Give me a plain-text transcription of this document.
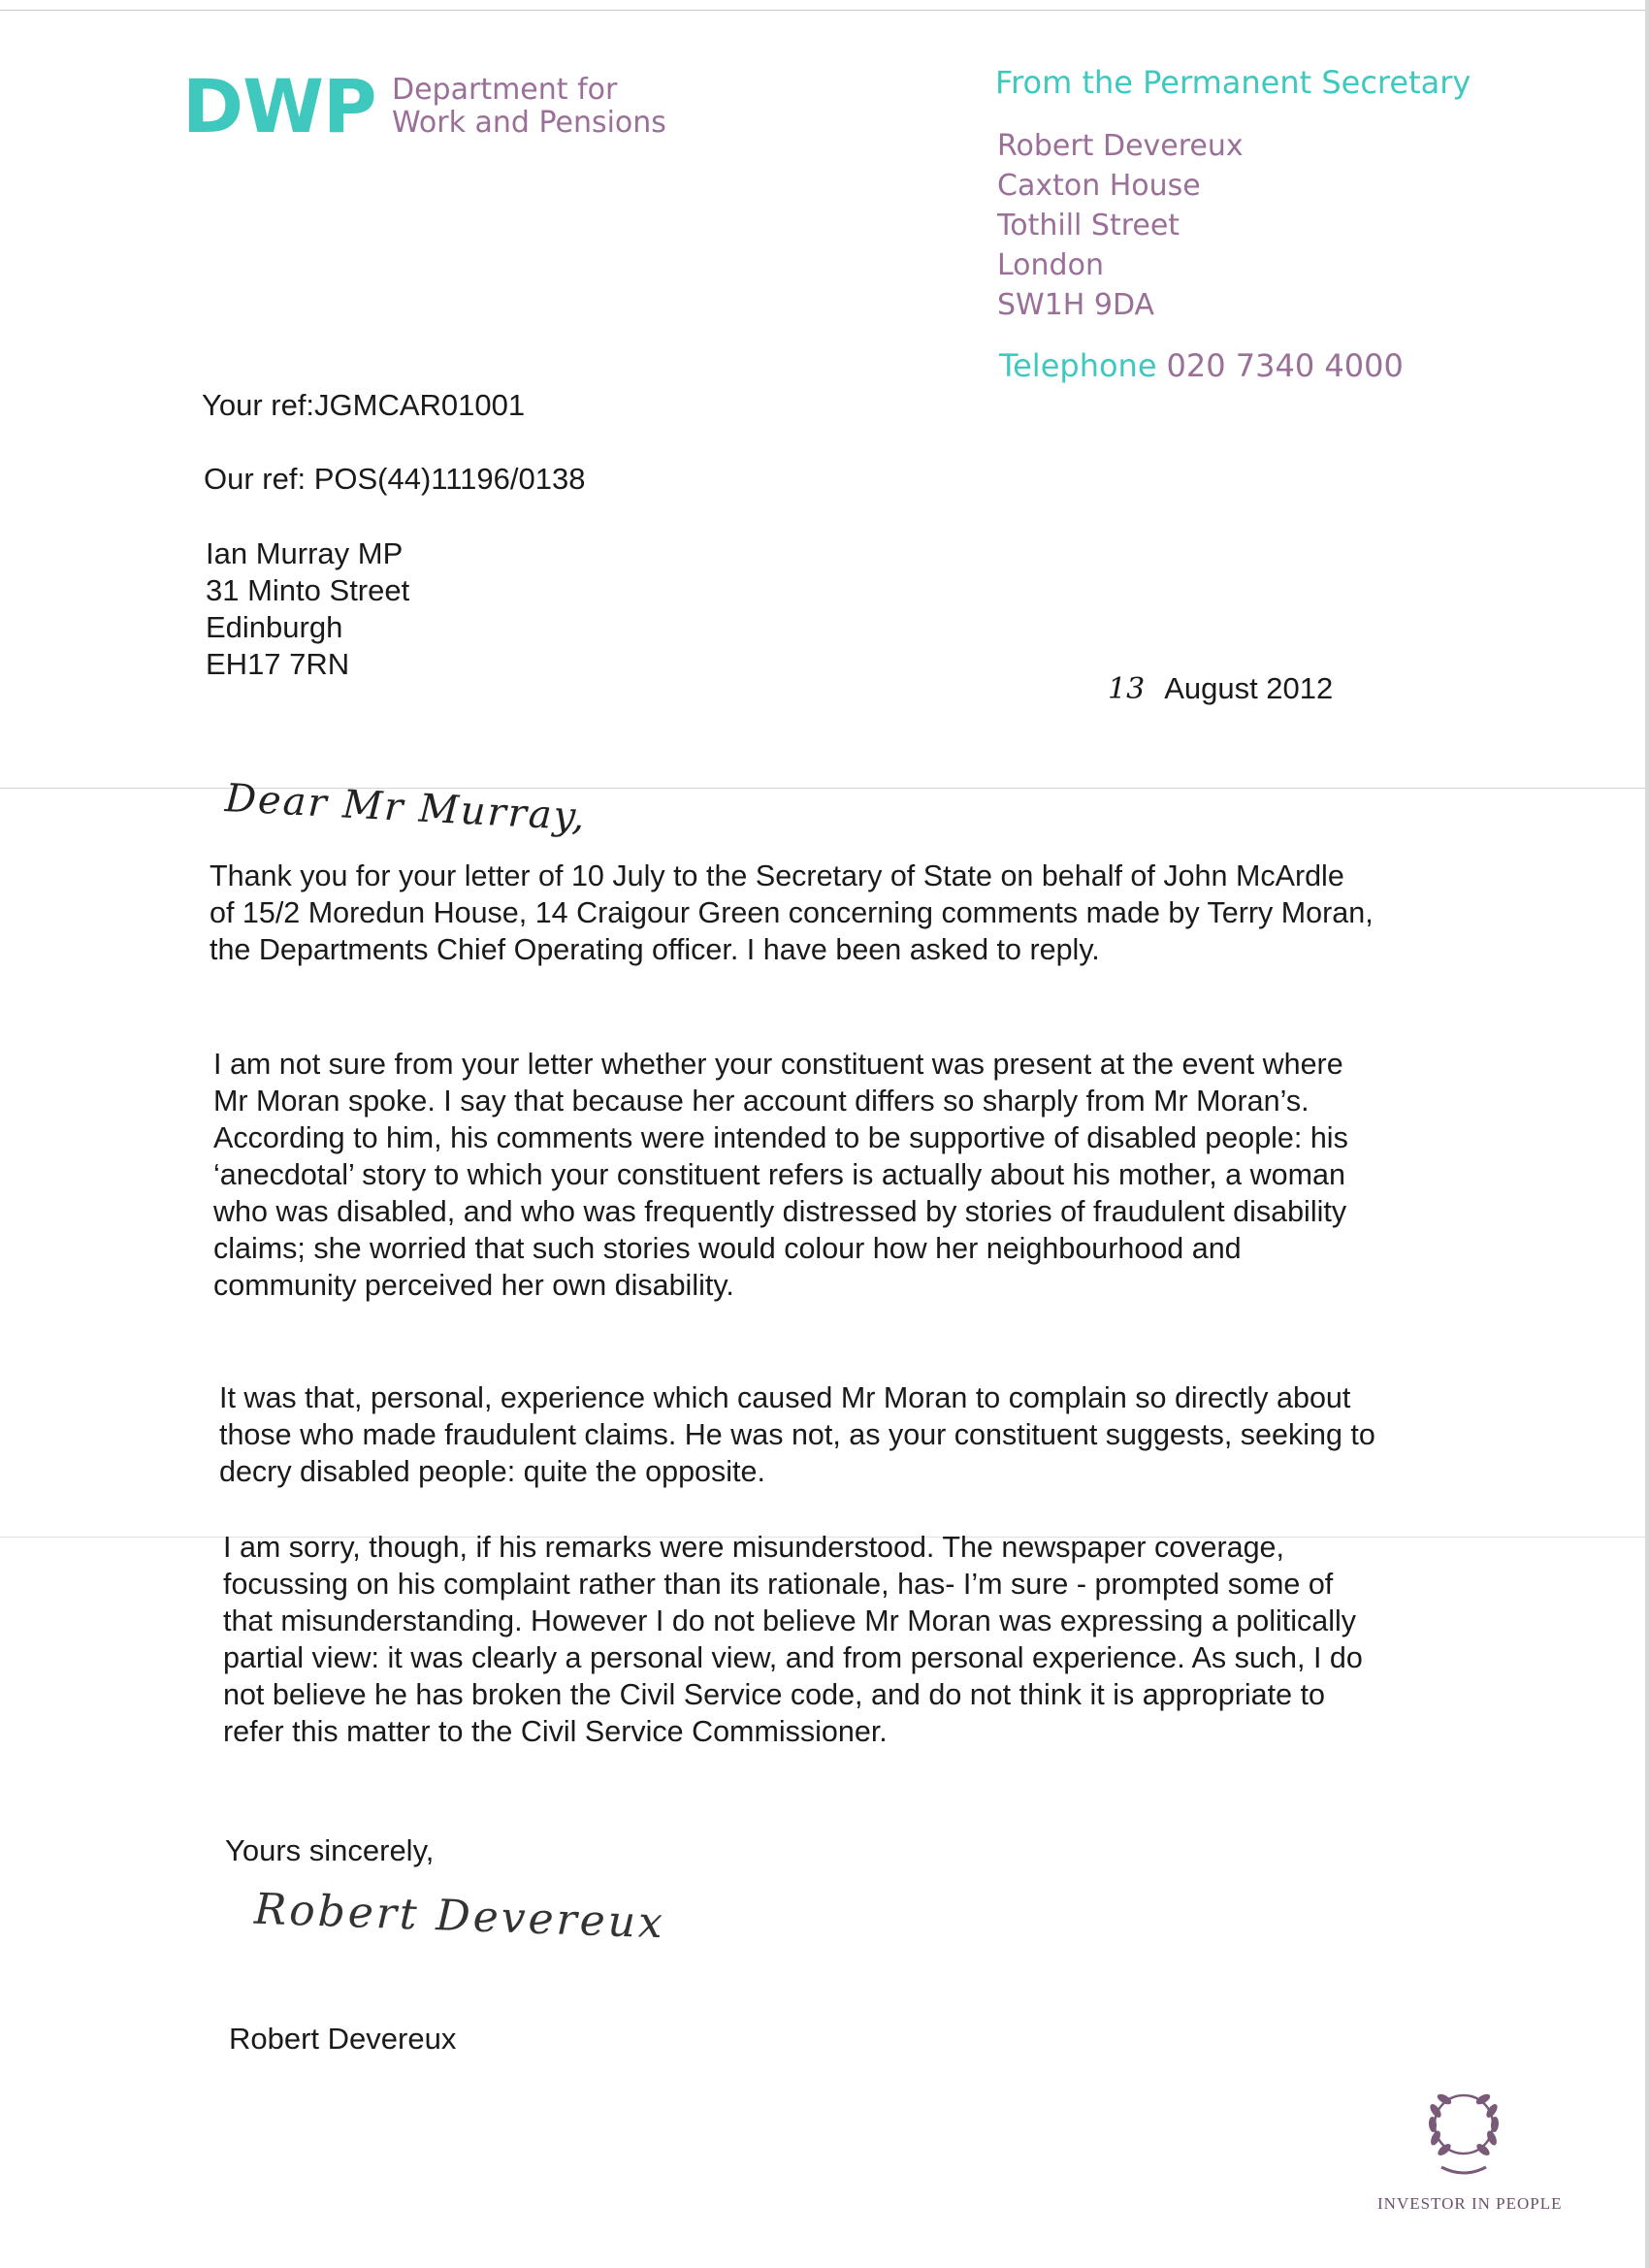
DWP Department for
Work and Pensions
From the Permanent Secretary
Robert Devereux
Caxton House
Tothill Street
London
SW1H 9DA
Telephone 020 7340 4000
Your ref:JGMCAR01001
Our ref: POS(44)11196/0138
Ian Murray MP
31 Minto Street
Edinburgh
EH17 7RN
13 August 2012
Dear Mr Murray,

Thank you for your letter of 10 July to the Secretary of State on behalf of John McArdle of 15/2 Moredun House, 14 Craigour Green concerning comments made by Terry Moran, the Departments Chief Operating officer. I have been asked to reply.

I am not sure from your letter whether your constituent was present at the event where Mr Moran spoke. I say that because her account differs so sharply from Mr Moran’s. According to him, his comments were intended to be supportive of disabled people: his ‘anecdotal’ story to which your constituent refers is actually about his mother, a woman who was disabled, and who was frequently distressed by stories of fraudulent disability claims; she worried that such stories would colour how her neighbourhood and community perceived her own disability.

It was that, personal, experience which caused Mr Moran to complain so directly about those who made fraudulent claims. He was not, as your constituent suggests, seeking to decry disabled people: quite the opposite.

I am sorry, though, if his remarks were misunderstood. The newspaper coverage, focussing on his complaint rather than its rationale, has- I’m sure - prompted some of that misunderstanding. However I do not believe Mr Moran was expressing a politically partial view: it was clearly a personal view, and from personal experience. As such, I do not believe he has broken the Civil Service code, and do not think it is appropriate to refer this matter to the Civil Service Commissioner.

Yours sincerely,
Robert Devereux
Robert Devereux
INVESTOR IN PEOPLE
